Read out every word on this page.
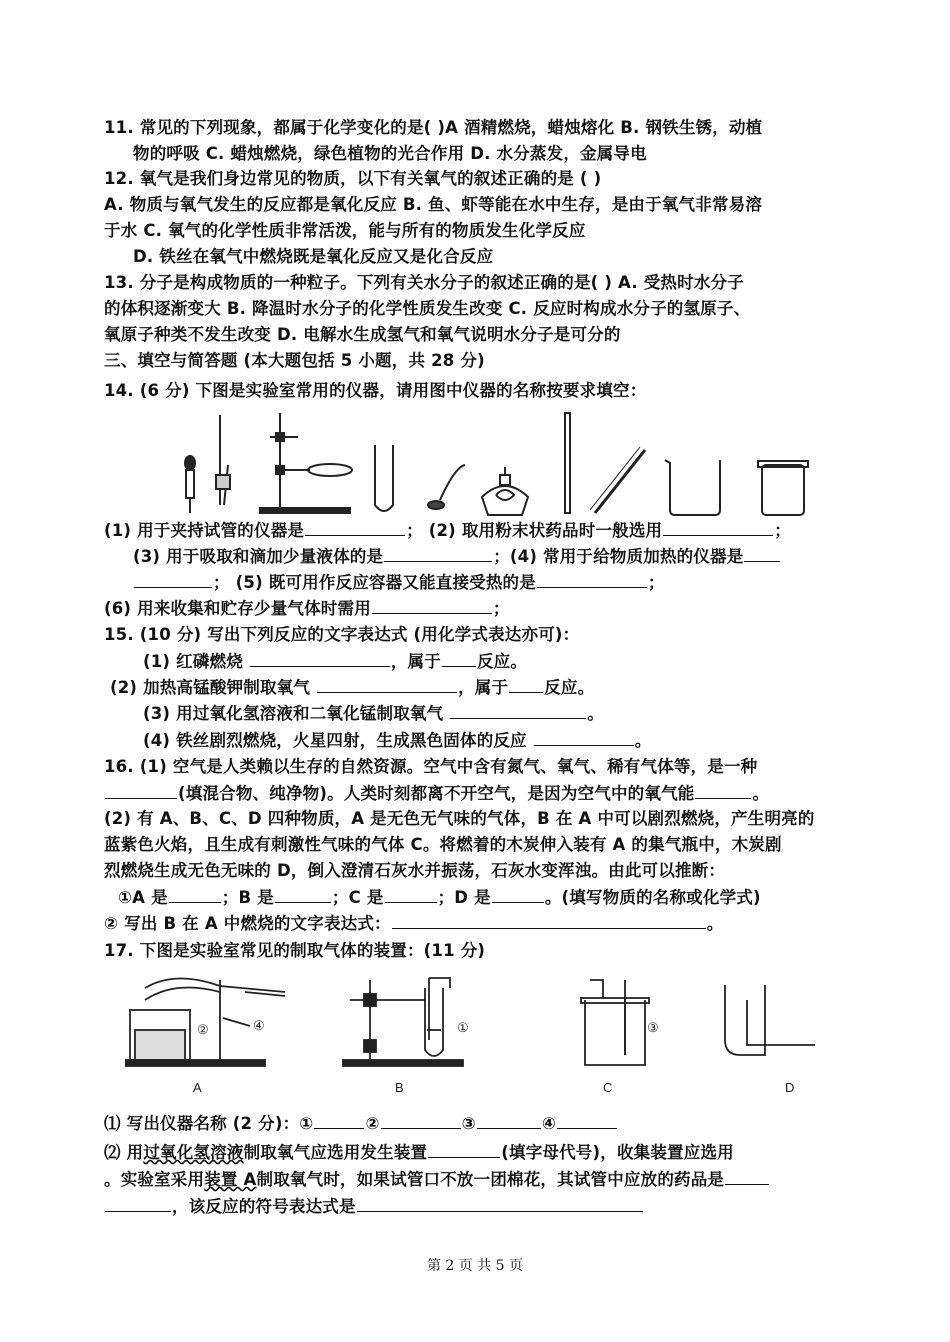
11. 常见的下列现象，都属于化学变化的是( )A 酒精燃烧，蜡烛熔化 B. 钢铁生锈，动植
物的呼吸 C. 蜡烛燃烧，绿色植物的光合作用 D. 水分蒸发，金属导电
12. 氧气是我们身边常见的物质，以下有关氧气的叙述正确的是 ( )
A. 物质与氧气发生的反应都是氧化反应 B. 鱼、虾等能在水中生存，是由于氧气非常易溶
于水 C. 氧气的化学性质非常活泼，能与所有的物质发生化学反应
D. 铁丝在氧气中燃烧既是氧化反应又是化合反应
13. 分子是构成物质的一种粒子。下列有关水分子的叙述正确的是( ) A. 受热时水分子
的体积逐渐变大 B. 降温时水分子的化学性质发生改变 C. 反应时构成水分子的氢原子、
氧原子种类不发生改变 D. 电解水生成氢气和氧气说明水分子是可分的
三、填空与简答题 (本大题包括 5 小题，共 28 分)
14. (6 分) 下图是实验室常用的仪器，请用图中仪器的名称按要求填空：
(1) 用于夹持试管的仪器是	； (2) 取用粉末状药品时一般选用	；
(3) 用于吸取和滴加少量液体的是	；(4) 常用于给物质加热的仪器是
； (5) 既可用作反应容器又能直接受热的是	；
(6) 用来收集和贮存少量气体时需用	；
15. (10 分) 写出下列反应的文字表达式 (用化学式表达亦可)：
(1) 红磷燃烧	，属于 反应。
(2) 加热高锰酸钾制取氧气	，属于 反应。
(3) 用过氧化氢溶液和二氧化锰制取氧气	。
(4) 铁丝剧烈燃烧，火星四射，生成黑色固体的反应	。
16. (1) 空气是人类赖以生存的自然资源。空气中含有氮气、氧气、稀有气体等，是一种
(填混合物、纯净物)。人类时刻都离不开空气，是因为空气中的氧气能	。
(2) 有 A、B、C、D 四种物质，A 是无色无气味的气体，B 在 A 中可以剧烈燃烧，产生明亮的
蓝紫色火焰，且生成有刺激性气味的气体 C。将燃着的木炭伸入装有 A 的集气瓶中，木炭剧
烈燃烧生成无色无味的 D，倒入澄清石灰水并振荡，石灰水变浑浊。由此可以推断：
①A 是	；B 是	；C 是	；D 是	。(填写物质的名称或化学式)
② 写出 B 在 A 中燃烧的文字表达式：	。
17. 下图是实验室常见的制取气体的装置：(11 分)
②	④	①	③
A	B	C	D
⑴ 写出仪器名称 (2 分)：①	②	③	④
⑵ 用过氧化氢溶液制取氧气应选用发生装置	(填字母代号)，收集装置应选用
。实验室采用装置 A制取氧气时，如果试管口不放一团棉花，其试管中应放的药品是
，该反应的符号表达式是
第 2 页 共 5 页
